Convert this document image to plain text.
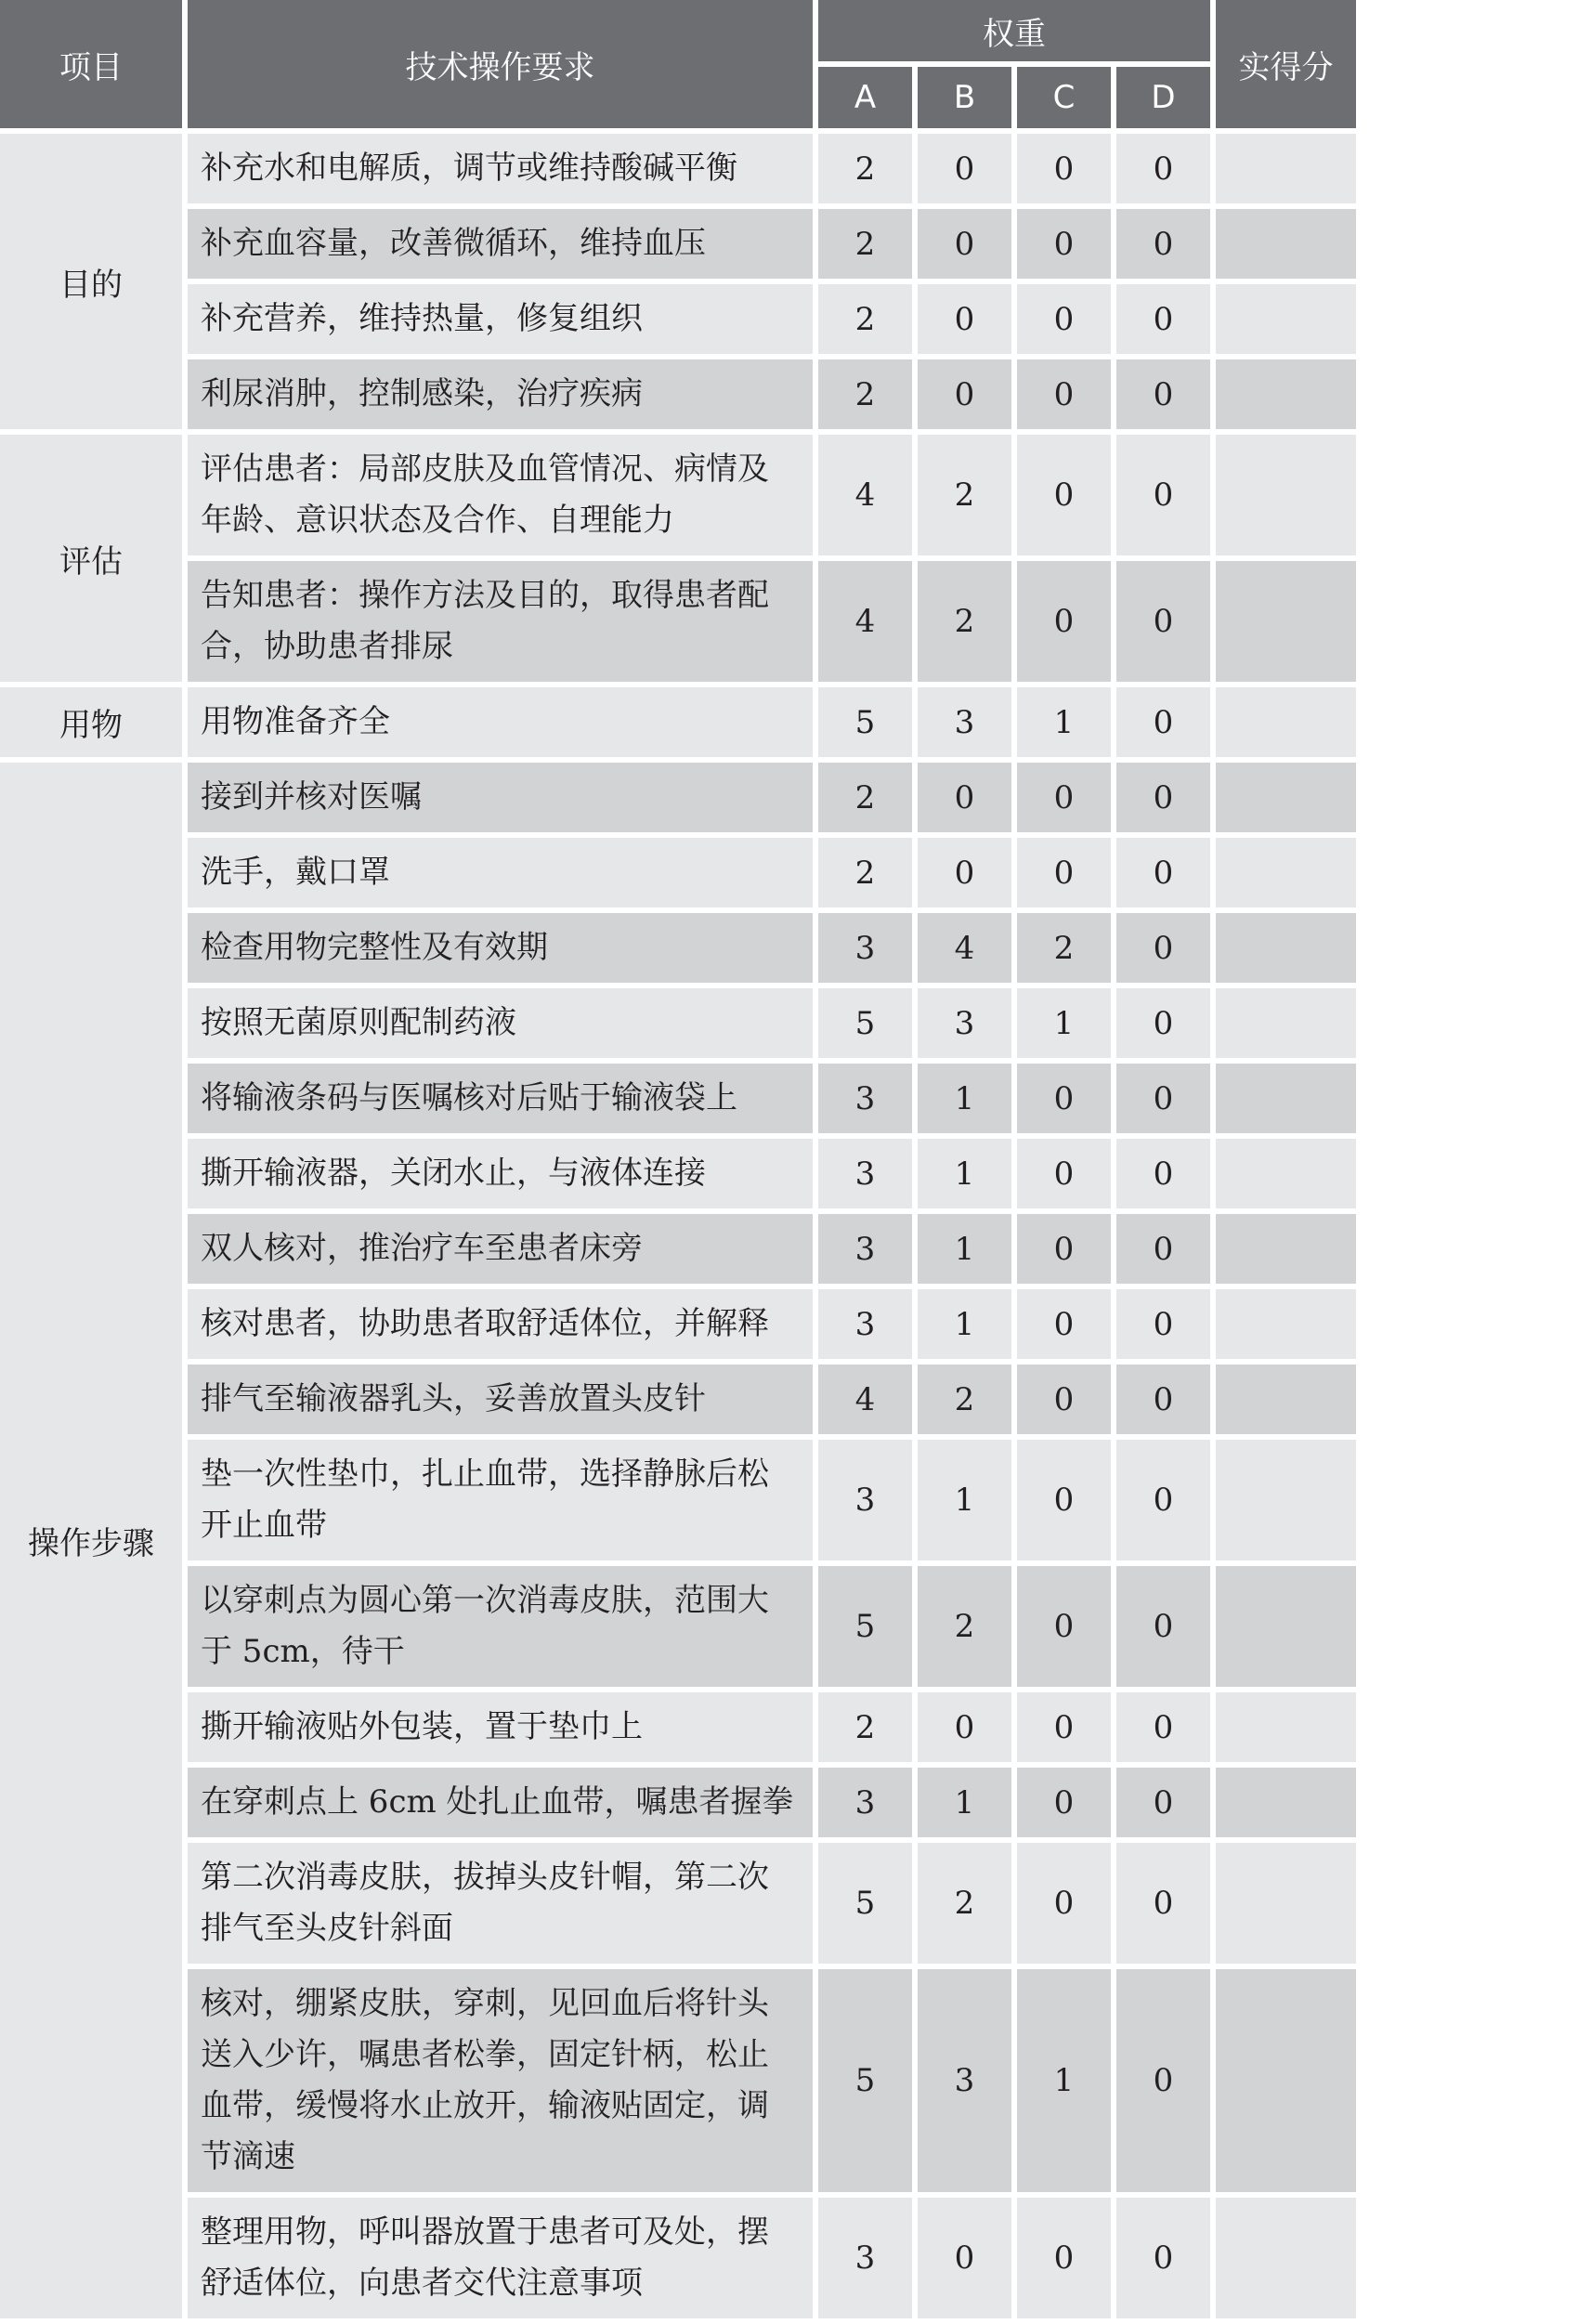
项目	技术操作要求	权重				实得分
		A	B	C	D	
目的	补充水和电解质，调节或维持酸碱平衡	2	0	0	0	
	补充血容量，改善微循环，维持血压	2	0	0	0	
	补充营养，维持热量，修复组织	2	0	0	0	
	利尿消肿，控制感染，治疗疾病	2	0	0	0	
评估	评估患者：局部皮肤及血管情况、病情及年龄、意识状态及合作、自理能力	4	2	0	0	
	告知患者：操作方法及目的，取得患者配合，协助患者排尿	4	2	0	0	
用物	用物准备齐全	5	3	1	0	
操作步骤	接到并核对医嘱	2	0	0	0	
	洗手，戴口罩	2	0	0	0	
	检查用物完整性及有效期	3	4	2	0	
	按照无菌原则配制药液	5	3	1	0	
	将输液条码与医嘱核对后贴于输液袋上	3	1	0	0	
	撕开输液器，关闭水止，与液体连接	3	1	0	0	
	双人核对，推治疗车至患者床旁	3	1	0	0	
	核对患者，协助患者取舒适体位，并解释	3	1	0	0	
	排气至输液器乳头，妥善放置头皮针	4	2	0	0	
	垫一次性垫巾，扎止血带，选择静脉后松开止血带	3	1	0	0	
	以穿刺点为圆心第一次消毒皮肤，范围大于 5cm，待干	5	2	0	0	
	撕开输液贴外包装，置于垫巾上	2	0	0	0	
	在穿刺点上 6cm 处扎止血带，嘱患者握拳	3	1	0	0	
	第二次消毒皮肤，拔掉头皮针帽，第二次排气至头皮针斜面	5	2	0	0	
	核对，绷紧皮肤，穿刺，见回血后将针头送入少许，嘱患者松拳，固定针柄，松止血带，缓慢将水止放开，输液贴固定，调节滴速	5	3	1	0	
	整理用物，呼叫器放置于患者可及处，摆舒适体位，向患者交代注意事项	3	0	0	0	
